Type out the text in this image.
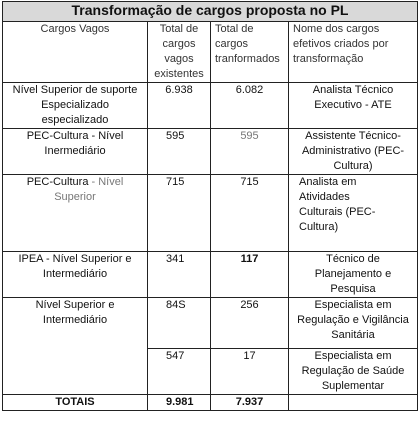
Transformação de cargos proposta no PL			
Cargos Vagos	Total de cargos vagos existentes	Total de cargos tranformados	Nome dos cargos efetivos criados por transformação
Nível Superior de suporte Especializado especializado	6.938	6.082	Analista Técnico Executivo - ATE
PEC-Cultura - Nível Inermediário	595	595	Assistente Técnico-Administrativo (PEC-Cultura)
PEC-Cultura - Nível Superior	715	715	Analista em Atividades Culturais (PEC-Cultura)
IPEA - Nível Superior e Intermediário	341	117	Técnico de Planejamento e Pesquisa
Nível Superior e Intermediário	84S	256	Especialista em Regulação e Vigilância Sanitária
	547	17	Especialista em Regulação de Saúde Suplementar
TOTAIS	9.981	7.937	
